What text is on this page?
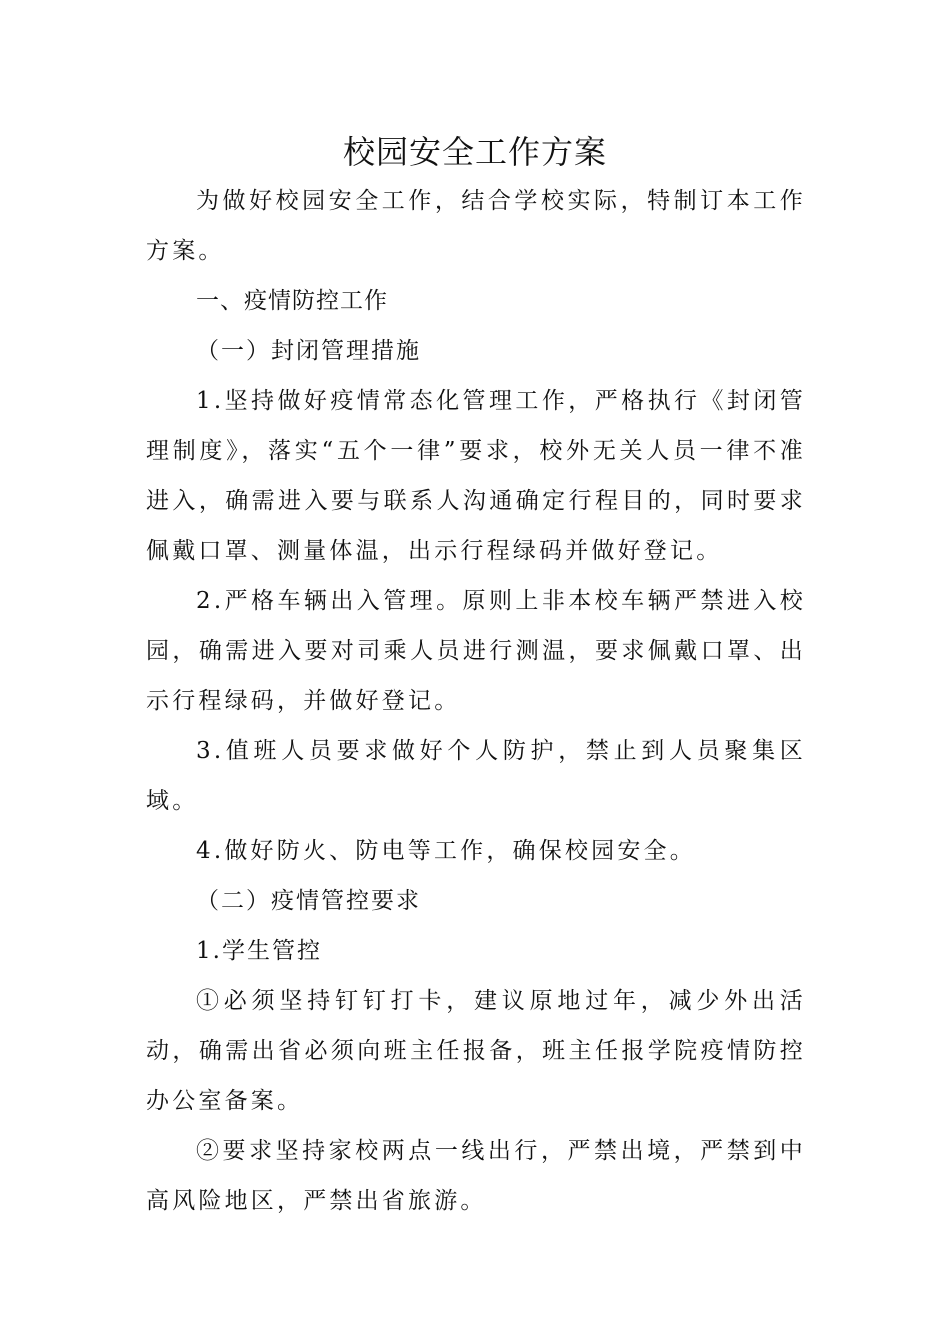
校园安全工作方案

为做好校园安全工作，结合学校实际，特制订本工作方案。

一、疫情防控工作

（一）封闭管理措施

1.坚持做好疫情常态化管理工作，严格执行《封闭管理制度》，落实“五个一律”要求，校外无关人员一律不准进入，确需进入要与联系人沟通确定行程目的，同时要求佩戴口罩、测量体温，出示行程绿码并做好登记。

2.严格车辆出入管理。原则上非本校车辆严禁进入校园，确需进入要对司乘人员进行测温，要求佩戴口罩、出示行程绿码，并做好登记。

3.值班人员要求做好个人防护，禁止到人员聚集区域。

4.做好防火、防电等工作，确保校园安全。

（二）疫情管控要求

1.学生管控

①必须坚持钉钉打卡，建议原地过年，减少外出活动，确需出省必须向班主任报备，班主任报学院疫情防控办公室备案。

②要求坚持家校两点一线出行，严禁出境，严禁到中高风险地区，严禁出省旅游。
